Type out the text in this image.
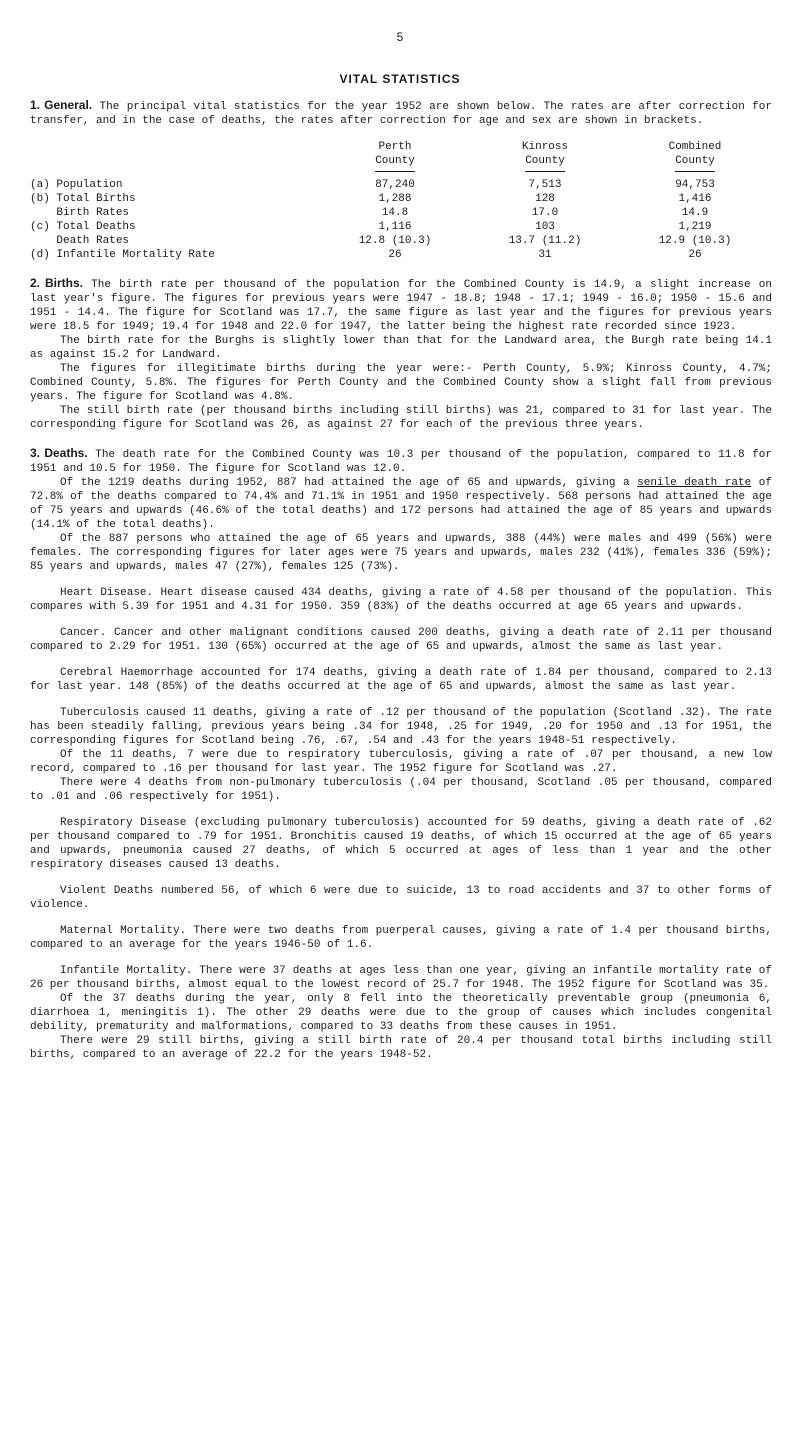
5
VITAL STATISTICS

1. General. The principal vital statistics for the year 1952 are shown below. The rates are after correction for transfer, and in the case of deaths, the rates after correction for age and sex are shown in brackets.

	Perth	Kinross	Combined
	County	County	County
(a) Population	87,240	7,513	94,753
(b) Total Births	1,288	128	1,416
Birth Rates	14.8	17.0	14.9
(c) Total Deaths	1,116	103	1,219
Death Rates	12.8 (10.3)	13.7 (11.2)	12.9 (10.3)
(d) Infantile Mortality Rate	26	31	26

2. Births. The birth rate per thousand of the population for the Combined County is 14.9, a slight increase on last year's figure. The figures for previous years were 1947 - 18.8; 1948 - 17.1; 1949 - 16.0; 1950 - 15.6 and 1951 - 14.4. The figure for Scotland was 17.7, the same figure as last year and the figures for previous years were 18.5 for 1949; 19.4 for 1948 and 22.0 for 1947, the latter being the highest rate recorded since 1923.

The birth rate for the Burghs is slightly lower than that for the Landward area, the Burgh rate being 14.1 as against 15.2 for Landward.

The figures for illegitimate births during the year were:- Perth County, 5.9%; Kinross County, 4.7%; Combined County, 5.8%. The figures for Perth County and the Combined County show a slight fall from previous years. The figure for Scotland was 4.8%.

The still birth rate (per thousand births including still births) was 21, compared to 31 for last year. The corresponding figure for Scotland was 26, as against 27 for each of the previous three years.

3. Deaths. The death rate for the Combined County was 10.3 per thousand of the population, compared to 11.8 for 1951 and 10.5 for 1950. The figure for Scotland was 12.0.

Of the 1219 deaths during 1952, 887 had attained the age of 65 and upwards, giving a senile death rate of 72.8% of the deaths compared to 74.4% and 71.1% in 1951 and 1950 respectively. 568 persons had attained the age of 75 years and upwards (46.6% of the total deaths) and 172 persons had attained the age of 85 years and upwards (14.1% of the total deaths).

Of the 887 persons who attained the age of 65 years and upwards, 388 (44%) were males and 499 (56%) were females. The corresponding figures for later ages were 75 years and upwards, males 232 (41%), females 336 (59%); 85 years and upwards, males 47 (27%), females 125 (73%).

Heart Disease. Heart disease caused 434 deaths, giving a rate of 4.58 per thousand of the population. This compares with 5.39 for 1951 and 4.31 for 1950. 359 (83%) of the deaths occurred at age 65 years and upwards.

Cancer. Cancer and other malignant conditions caused 200 deaths, giving a death rate of 2.11 per thousand compared to 2.29 for 1951. 130 (65%) occurred at the age of 65 and upwards, almost the same as last year.

Cerebral Haemorrhage accounted for 174 deaths, giving a death rate of 1.84 per thousand, compared to 2.13 for last year. 148 (85%) of the deaths occurred at the age of 65 and upwards, almost the same as last year.

Tuberculosis caused 11 deaths, giving a rate of .12 per thousand of the population (Scotland .32). The rate has been steadily falling, previous years being .34 for 1948, .25 for 1949, .20 for 1950 and .13 for 1951, the corresponding figures for Scotland being .76, .67, .54 and .43 for the years 1948-51 respectively.

Of the 11 deaths, 7 were due to respiratory tuberculosis, giving a rate of .07 per thousand, a new low record, compared to .16 per thousand for last year. The 1952 figure for Scotland was .27.

There were 4 deaths from non-pulmonary tuberculosis (.04 per thousand, Scotland .05 per thousand, compared to .01 and .06 respectively for 1951).

Respiratory Disease (excluding pulmonary tuberculosis) accounted for 59 deaths, giving a death rate of .62 per thousand compared to .79 for 1951. Bronchitis caused 19 deaths, of which 15 occurred at the age of 65 years and upwards, pneumonia caused 27 deaths, of which 5 occurred at ages of less than 1 year and the other respiratory diseases caused 13 deaths.

Violent Deaths numbered 56, of which 6 were due to suicide, 13 to road accidents and 37 to other forms of violence.

Maternal Mortality. There were two deaths from puerperal causes, giving a rate of 1.4 per thousand births, compared to an average for the years 1946-50 of 1.6.

Infantile Mortality. There were 37 deaths at ages less than one year, giving an infantile mortality rate of 26 per thousand births, almost equal to the lowest record of 25.7 for 1948. The 1952 figure for Scotland was 35.

Of the 37 deaths during the year, only 8 fell into the theoretically preventable group (pneumonia 6, diarrhoea 1, meningitis 1). The other 29 deaths were due to the group of causes which includes congenital debility, prematurity and malformations, compared to 33 deaths from these causes in 1951.

There were 29 still births, giving a still birth rate of 20.4 per thousand total births including still births, compared to an average of 22.2 for the years 1948-52.
